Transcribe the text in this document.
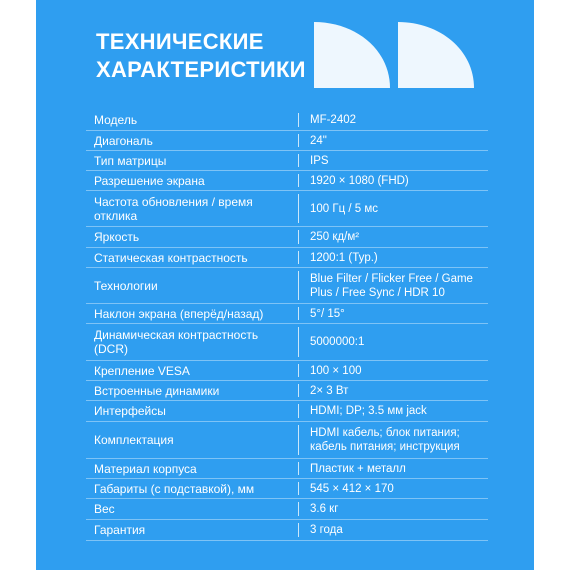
ТЕХНИЧЕСКИЕ
ХАРАКТЕРИСТИКИ
Модель	MF-2402
Диагональ	24"
Тип матрицы	IPS
Разрешение экрана	1920 × 1080 (FHD)
Частота обновления / время отклика	100 Гц / 5 мс
Яркость	250 кд/м²
Статическая контрастность	1200:1 (Typ.)
Технологии	Blue Filter / Flicker Free / Game Plus / Free Sync / HDR 10
Наклон экрана (вперёд/назад)	5°/ 15°
Динамическая контрастность (DCR)	5000000:1
Крепление VESA	100 × 100
Встроенные динамики	2× 3 Вт
Интерфейсы	HDMI; DP; 3.5 мм jack
Комплектация	HDMI кабель; блок питания; кабель питания; инструкция
Материал корпуса	Пластик + металл
Габариты (с подставкой), мм	545 × 412 × 170
Вес	3.6 кг
Гарантия	3 года
